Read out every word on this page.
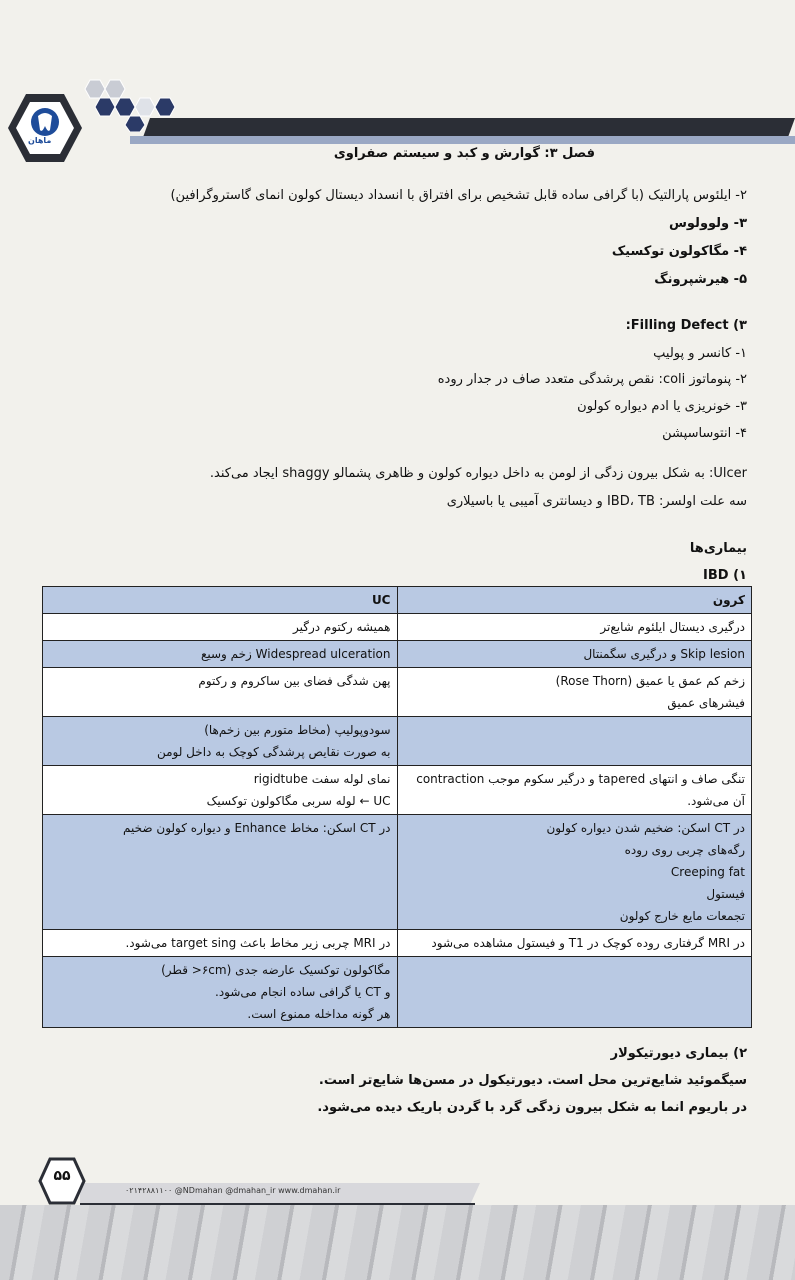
ماهان
فصل ۳: گوارش و کبد و سیستم صفراوی
۲- ایلئوس پارالتیک (با گرافی ساده قابل تشخیص برای افتراق با انسداد دیستال کولون انمای گاستروگرافین)
۳- ولوولوس
۴- مگاکولون توکسیک
۵- هیرشپرونگ
Filling Defect (۳:
۱- کانسر و پولیپ
۲- پنوماتوز coli: نقص پرشدگی متعدد صاف در جدار روده
۳- خونریزی یا ادم دیواره کولون
۴- انتوساسپشن
Ulcer: به شکل بیرون زدگی از لومن به داخل دیواره کولون و ظاهری پشمالو shaggy ایجاد می‌کند.
سه علت اولسر: IBD، TB و دیسانتری آمیبی یا باسیلاری
بیماری‌ها
IBD (۱
کرون	UC

درگیری دیستال ایلئوم شایع‌تر	همیشه رکتوم درگیر

Skip lesion و درگیری سگمنتال	Widespread ulceration زخم وسیع

زخم کم عمق یا عمیق (Rose Thorn)
فیشرهای عمیق	پهن شدگی فضای بین ساکروم و رکتوم

	سودوپولیپ (مخاط متورم بین زخم‌ها)
به صورت نقایص پرشدگی کوچک به داخل لومن

تنگی صاف و انتهای tapered و درگیر سکوم موجب contraction
آن می‌شود.	نمای لوله سفت rigidtube
UC ← لوله سربی مگاکولون توکسیک

در CT اسکن: ضخیم شدن دیواره کولون
رگه‌های چربی روی روده
Creeping fat
فیستول
تجمعات مایع خارج کولون	در CT اسکن: مخاط Enhance و دیواره کولون ضخیم

در MRI گرفتاری روده کوچک در T1 و فیستول مشاهده می‌شود	در MRI چربی زیر مخاط باعث target sing می‌شود.

	مگاکولون توکسیک عارضه جدی (۶cm< قطر)
و CT یا گرافی ساده انجام می‌شود.
هر گونه مداخله ممنوع است.
۲) بیماری دیورتیکولار
سیگموئید شایع‌ترین محل است. دیورتیکول در مسن‌ها شایع‌تر است.
در باریوم انما به شکل بیرون زدگی گرد با گردن باریک دیده می‌شود.
۰۲۱۴۲۸۸۱۱۰۰ @NDmahan @dmahan_ir www.dmahan.ir
۵۵
